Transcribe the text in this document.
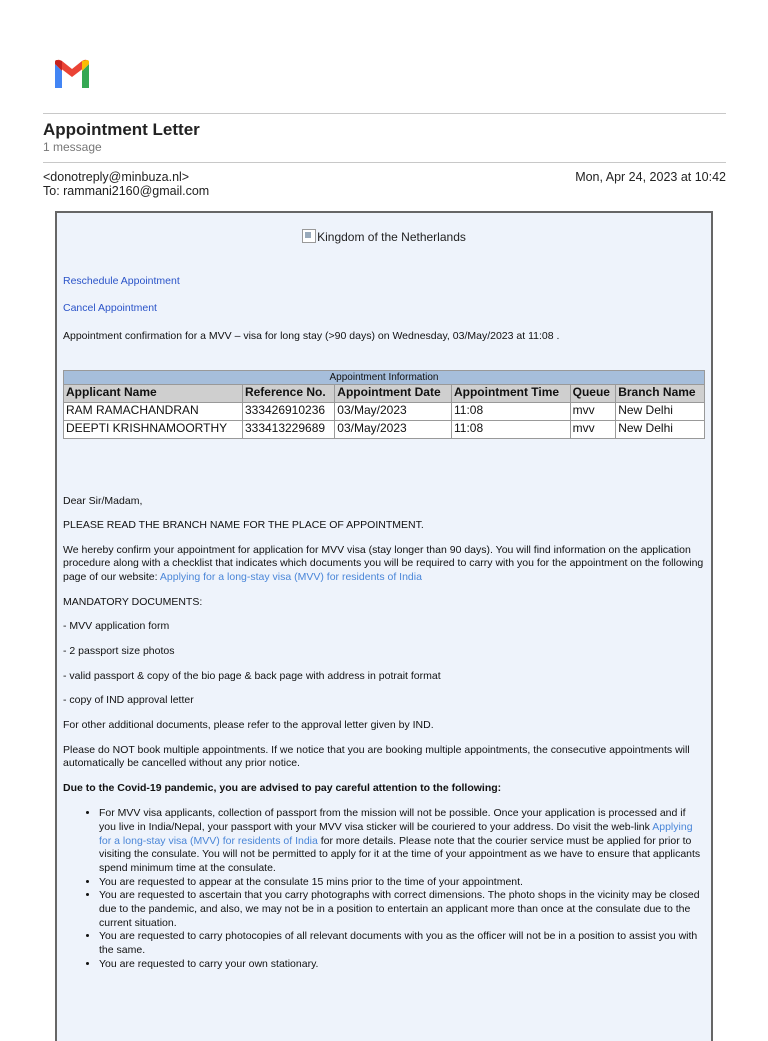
Appointment Letter
1 message
<donotreply@minbuza.nl>
To: rammani2160@gmail.com
Mon, Apr 24, 2023 at 10:42
Kingdom of the Netherlands

Reschedule Appointment

Cancel Appointment

Appointment confirmation for a MVV – visa for long stay (>90 days) on Wednesday, 03/May/2023 at 11:08 .

Appointment Information					
Applicant Name	Reference No.	Appointment Date	Appointment Time	Queue	Branch Name
RAM RAMACHANDRAN	333426910236	03/May/2023	11:08	mvv	New Delhi
DEEPTI KRISHNAMOORTHY	333413229689	03/May/2023	11:08	mvv	New Delhi

Dear Sir/Madam,

PLEASE READ THE BRANCH NAME FOR THE PLACE OF APPOINTMENT.

We hereby confirm your appointment for application for MVV visa (stay longer than 90 days). You will find information on the application procedure along with a checklist that indicates which documents you will be required to carry with you for the appointment on the following page of our website: Applying for a long-stay visa (MVV) for residents of India

MANDATORY DOCUMENTS:

- MVV application form

- 2 passport size photos

- valid passport & copy of the bio page & back page with address in potrait format

- copy of IND approval letter

For other additional documents, please refer to the approval letter given by IND.

Please do NOT book multiple appointments. If we notice that you are booking multiple appointments, the consecutive appointments will automatically be cancelled without any prior notice.

Due to the Covid-19 pandemic, you are advised to pay careful attention to the following:

• For MVV visa applicants, collection of passport from the mission will not be possible. Once your application is processed and if you live in India/Nepal, your passport with your MVV visa sticker will be couriered to your address. Do visit the web-link Applying for a long-stay visa (MVV) for residents of India for more details. Please note that the courier service must be applied for prior to visiting the consulate. You will not be permitted to apply for it at the time of your appointment as we have to ensure that applicants spend minimum time at the consulate.
• You are requested to appear at the consulate 15 mins prior to the time of your appointment.
• You are requested to ascertain that you carry photographs with correct dimensions. The photo shops in the vicinity may be closed due to the pandemic, and also, we may not be in a position to entertain an applicant more than once at the consulate due to the current situation.
• You are requested to carry photocopies of all relevant documents with you as the officer will not be in a position to assist you with the same.
• You are requested to carry your own stationary.
